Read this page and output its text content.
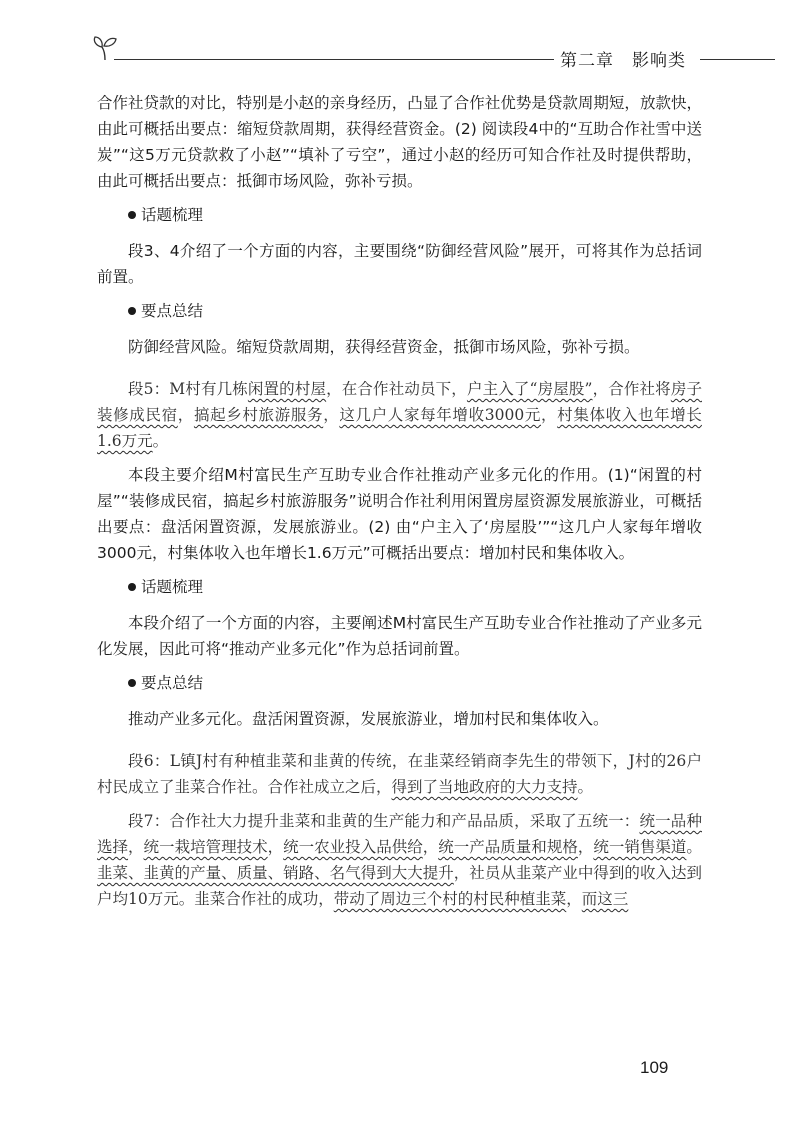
第二章 影响类

合作社贷款的对比，特别是小赵的亲身经历，凸显了合作社优势是贷款周期短，放款快，由此可概括出要点：缩短贷款周期，获得经营资金。(2) 阅读段4中的“互助合作社雪中送炭”“这5万元贷款救了小赵”“填补了亏空”，通过小赵的经历可知合作社及时提供帮助，由此可概括出要点：抵御市场风险，弥补亏损。

话题梳理

段3、4介绍了一个方面的内容，主要围绕“防御经营风险”展开，可将其作为总括词前置。

要点总结

防御经营风险。缩短贷款周期，获得经营资金，抵御市场风险，弥补亏损。

段5：M村有几栋闲置的村屋，在合作社动员下，户主入了“房屋股”，合作社将房子装修成民宿，搞起乡村旅游服务，这几户人家每年增收3000元，村集体收入也年增长1.6万元。

本段主要介绍M村富民生产互助专业合作社推动产业多元化的作用。(1)“闲置的村屋”“装修成民宿，搞起乡村旅游服务”说明合作社利用闲置房屋资源发展旅游业，可概括出要点：盘活闲置资源，发展旅游业。(2) 由“户主入了‘房屋股’”“这几户人家每年增收3000元，村集体收入也年增长1.6万元”可概括出要点：增加村民和集体收入。

话题梳理

本段介绍了一个方面的内容，主要阐述M村富民生产互助专业合作社推动了产业多元化发展，因此可将“推动产业多元化”作为总括词前置。

要点总结

推动产业多元化。盘活闲置资源，发展旅游业，增加村民和集体收入。

段6：L镇J村有种植韭菜和韭黄的传统，在韭菜经销商李先生的带领下，J村的26户村民成立了韭菜合作社。合作社成立之后，得到了当地政府的大力支持。

段7：合作社大力提升韭菜和韭黄的生产能力和产品品质，采取了五统一：统一品种选择，统一栽培管理技术，统一农业投入品供给，统一产品质量和规格，统一销售渠道。韭菜、韭黄的产量、质量、销路、名气得到大大提升，社员从韭菜产业中得到的收入达到户均10万元。韭菜合作社的成功，带动了周边三个村的村民种植韭菜，而这三

109
